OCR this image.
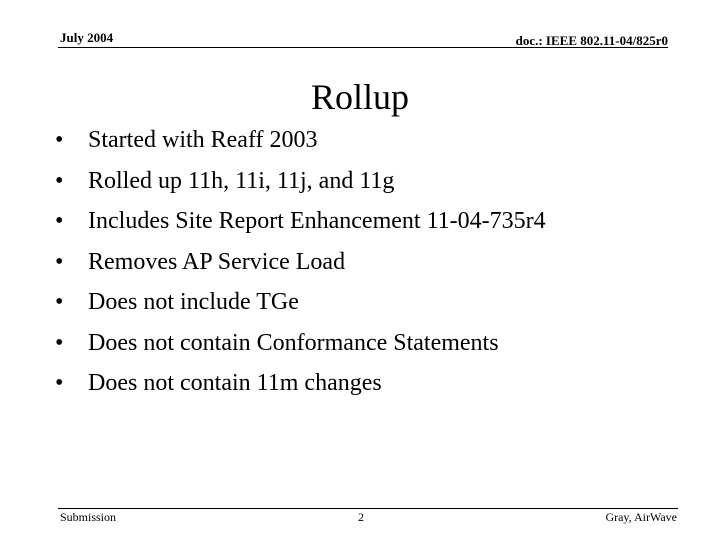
July 2004	doc.: IEEE 802.11-04/825r0
Rollup
•	Started with Reaff 2003
•	Rolled up 11h, 11i, 11j, and 11g
•	Includes Site Report Enhancement 11-04-735r4
•	Removes AP Service Load
•	Does not include TGe
•	Does not contain Conformance Statements
•	Does not contain 11m changes
Submission	2	Gray, AirWave
